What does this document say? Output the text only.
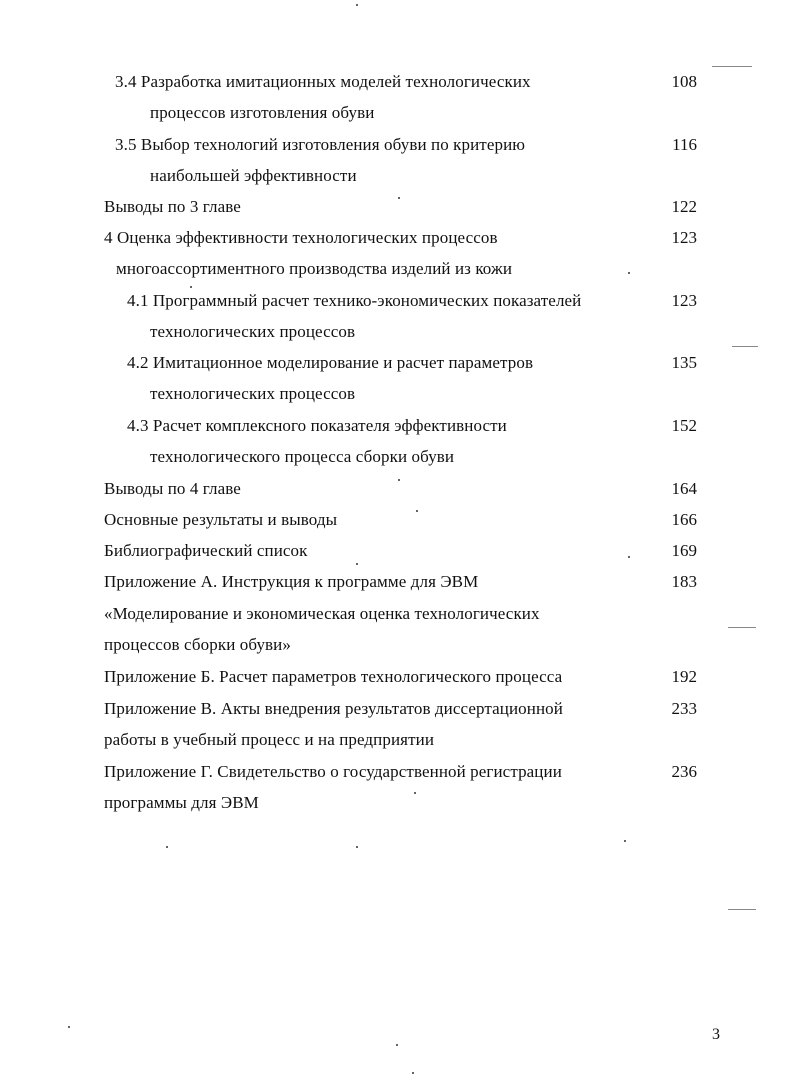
3.4 Разработка имитационных моделей технологических	108
процессов изготовления обуви
3.5 Выбор технологий изготовления обуви по критерию	116
наибольшей эффективности
Выводы по 3 главе	122
4 Оценка эффективности технологических процессов	123
многоассортиментного производства изделий из кожи
4.1 Программный расчет технико-экономических показателей	123
технологических процессов
4.2 Имитационное моделирование и расчет параметров	135
технологических процессов
4.3 Расчет комплексного показателя эффективности	152
технологического процесса сборки обуви
Выводы по 4 главе	164
Основные результаты и выводы	166
Библиографический список	169
Приложение А. Инструкция к программе для ЭВМ	183
«Моделирование и экономическая оценка технологических
процессов сборки обуви»
Приложение Б. Расчет параметров технологического процесса	192
Приложение В. Акты внедрения результатов диссертационной	233
работы в учебный процесс и на предприятии
Приложение Г. Свидетельство о государственной регистрации	236
программы для ЭВМ
3
